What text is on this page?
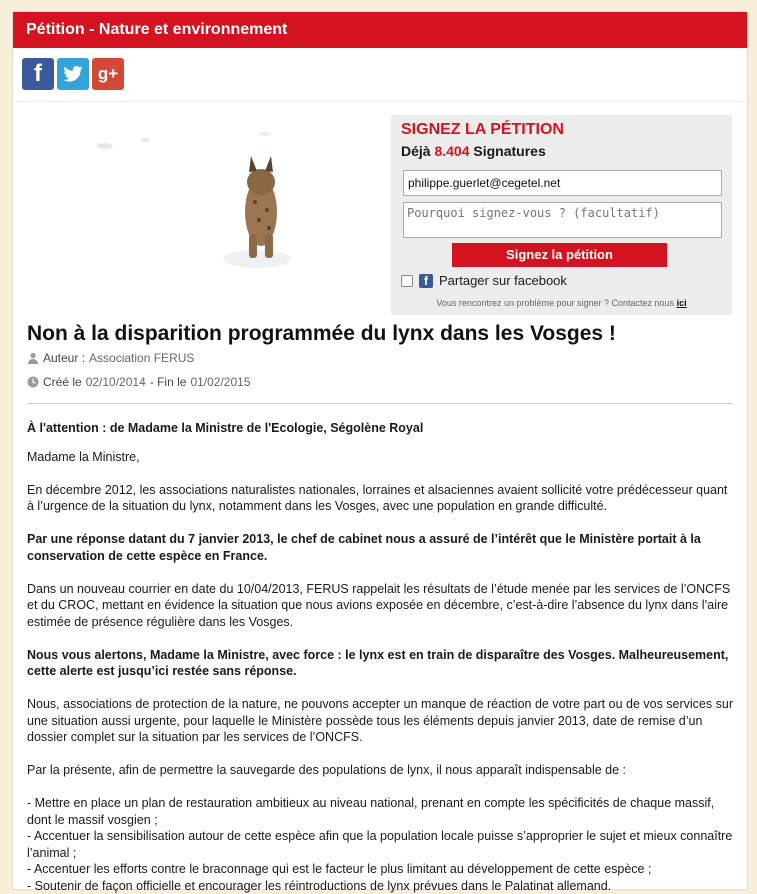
Pétition - Nature et environnement
f	g+
SIGNEZ LA PÉTITION
Déjà 8.404 Signatures
philippe.guerlet@cegetel.net
Pourquoi signez-vous ? (facultatif)
Signez la pétition
f Partager sur facebook
Vous rencontrez un problème pour signer ? Contactez nous ici
Non à la disparition programmée du lynx dans les Vosges !
Auteur : Association FERUS
Créé le 02/10/2014 - Fin le 01/02/2015

À l'attention : de Madame la Ministre de l'Ecologie, Ségolène Royal

Madame la Ministre,

En décembre 2012, les associations naturalistes nationales, lorraines et alsaciennes avaient sollicité votre prédécesseur quant à l’urgence de la situation du lynx, notamment dans les Vosges, avec une population en grande difficulté.

Par une réponse datant du 7 janvier 2013, le chef de cabinet nous a assuré de l’intérêt que le Ministère portait à la conservation de cette espèce en France.

Dans un nouveau courrier en date du 10/04/2013, FERUS rappelait les résultats de l’étude menée par les services de l’ONCFS et du CROC, mettant en évidence la situation que nous avions exposée en décembre, c’est-à-dire l’absence du lynx dans l’aire estimée de présence régulière dans les Vosges.

Nous vous alertons, Madame la Ministre, avec force : le lynx est en train de disparaître des Vosges. Malheureusement, cette alerte est jusqu’ici restée sans réponse.

Nous, associations de protection de la nature, ne pouvons accepter un manque de réaction de votre part ou de vos services sur une situation aussi urgente, pour laquelle le Ministère possède tous les éléments depuis janvier 2013, date de remise d’un dossier complet sur la situation par les services de l’ONCFS.

Par la présente, afin de permettre la sauvegarde des populations de lynx, il nous apparaît indispensable de :

- Mettre en place un plan de restauration ambitieux au niveau national, prenant en compte les spécificités de chaque massif, dont le massif vosgien ;
- Accentuer la sensibilisation autour de cette espèce afin que la population locale puisse s’approprier le sujet et mieux connaître l’animal ;
- Accentuer les efforts contre le braconnage qui est le facteur le plus limitant au développement de cette espèce ;
- Soutenir de façon officielle et encourager les réintroductions de lynx prévues dans le Palatinat allemand.
